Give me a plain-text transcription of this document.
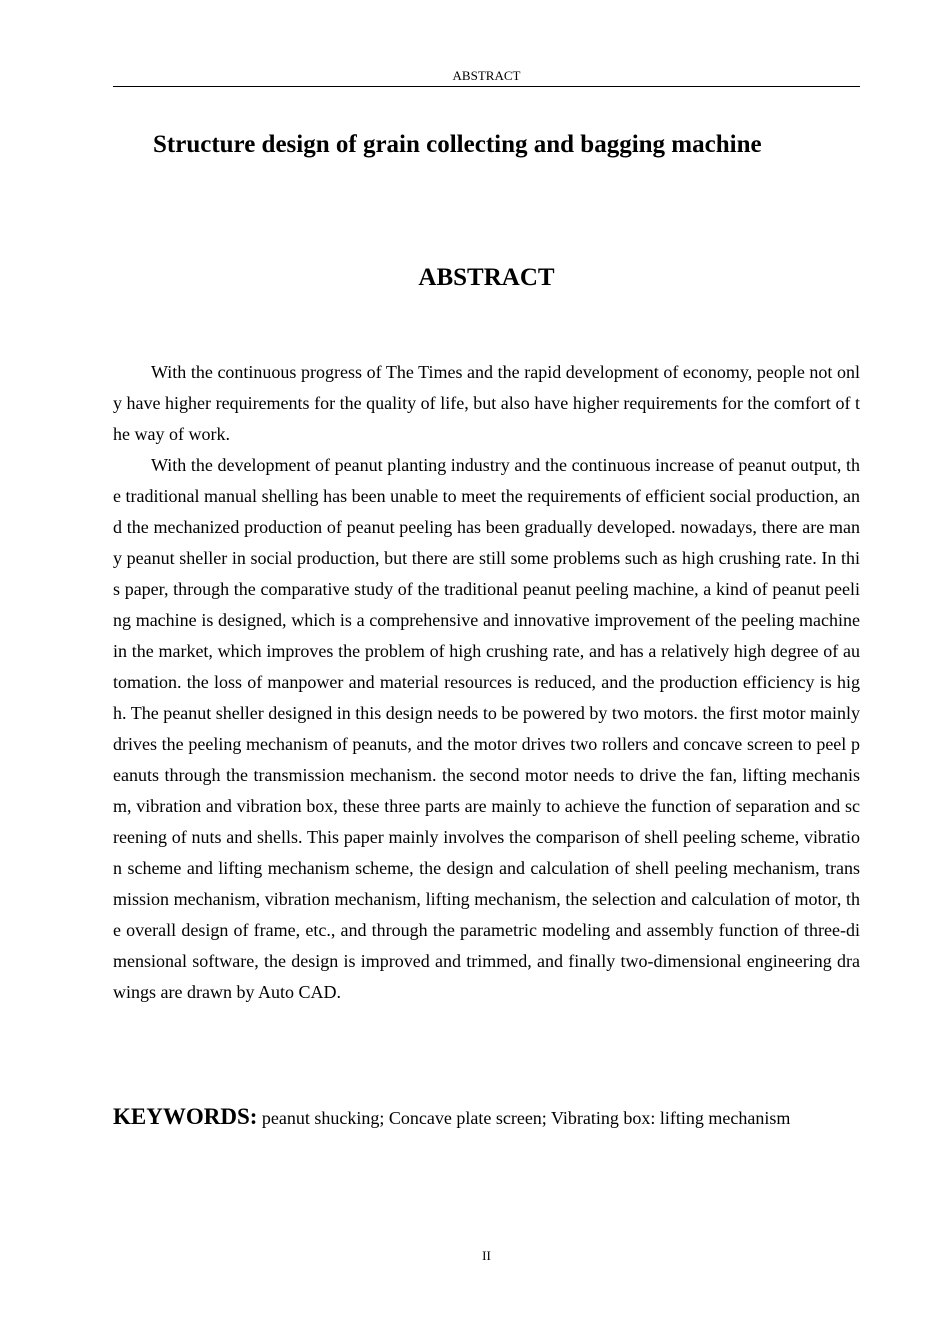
ABSTRACT
Structure design of grain collecting and bagging machine
ABSTRACT

With the continuous progress of The Times and the rapid development of economy, people not only have higher requirements for the quality of life, but also have higher requirements for the comfort of the way of work.

With the development of peanut planting industry and the continuous increase of peanut output, the traditional manual shelling has been unable to meet the requirements of efficient social production, and the mechanized production of peanut peeling has been gradually developed. nowadays, there are many peanut sheller in social production, but there are still some problems such as high crushing rate. In this paper, through the comparative study of the traditional peanut peeling machine, a kind of peanut peeling machine is designed, which is a comprehensive and innovative improvement of the peeling machine in the market, which improves the problem of high crushing rate, and has a relatively high degree of automation. the loss of manpower and material resources is reduced, and the production efficiency is high. The peanut sheller designed in this design needs to be powered by two motors. the first motor mainly drives the peeling mechanism of peanuts, and the motor drives two rollers and concave screen to peel peanuts through the transmission mechanism. the second motor needs to drive the fan, lifting mechanism, vibration and vibration box, these three parts are mainly to achieve the function of separation and screening of nuts and shells. This paper mainly involves the comparison of shell peeling scheme, vibration scheme and lifting mechanism scheme, the design and calculation of shell peeling mechanism, transmission mechanism, vibration mechanism, lifting mechanism, the selection and calculation of motor, the overall design of frame, etc., and through the parametric modeling and assembly function of three-dimensional software, the design is improved and trimmed, and finally two-dimensional engineering drawings are drawn by Auto CAD.

KEYWORDS: peanut shucking; Concave plate screen; Vibrating box: lifting mechanism

II
